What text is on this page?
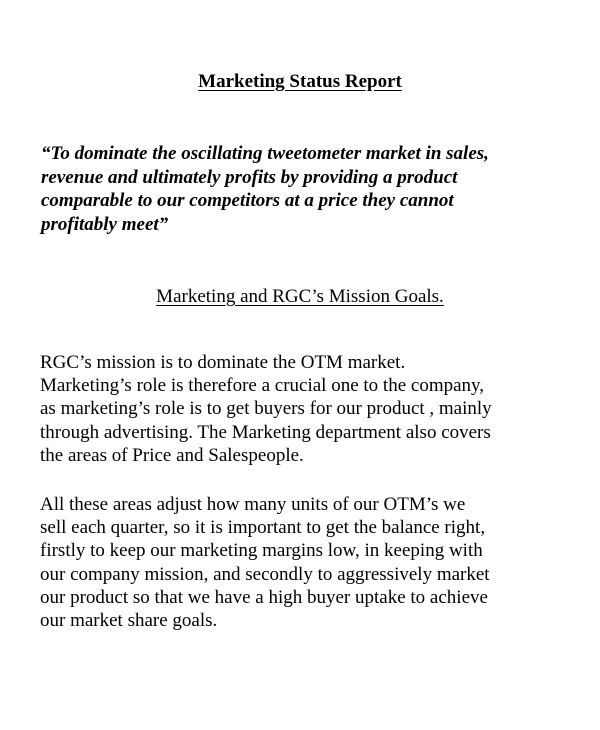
Marketing Status Report
“To dominate the oscillating tweetometer market in sales,
revenue and ultimately profits by providing a product
comparable to our competitors at a price they cannot
profitably meet”
Marketing and RGC’s Mission Goals.
RGC’s mission is to dominate the OTM market.
Marketing’s role is therefore a crucial one to the company,
as marketing’s role is to get buyers for our product , mainly
through advertising. The Marketing department also covers
the areas of Price and Salespeople.
All these areas adjust how many units of our OTM’s we
sell each quarter, so it is important to get the balance right,
firstly to keep our marketing margins low, in keeping with
our company mission, and secondly to aggressively market
our product so that we have a high buyer uptake to achieve
our market share goals.
